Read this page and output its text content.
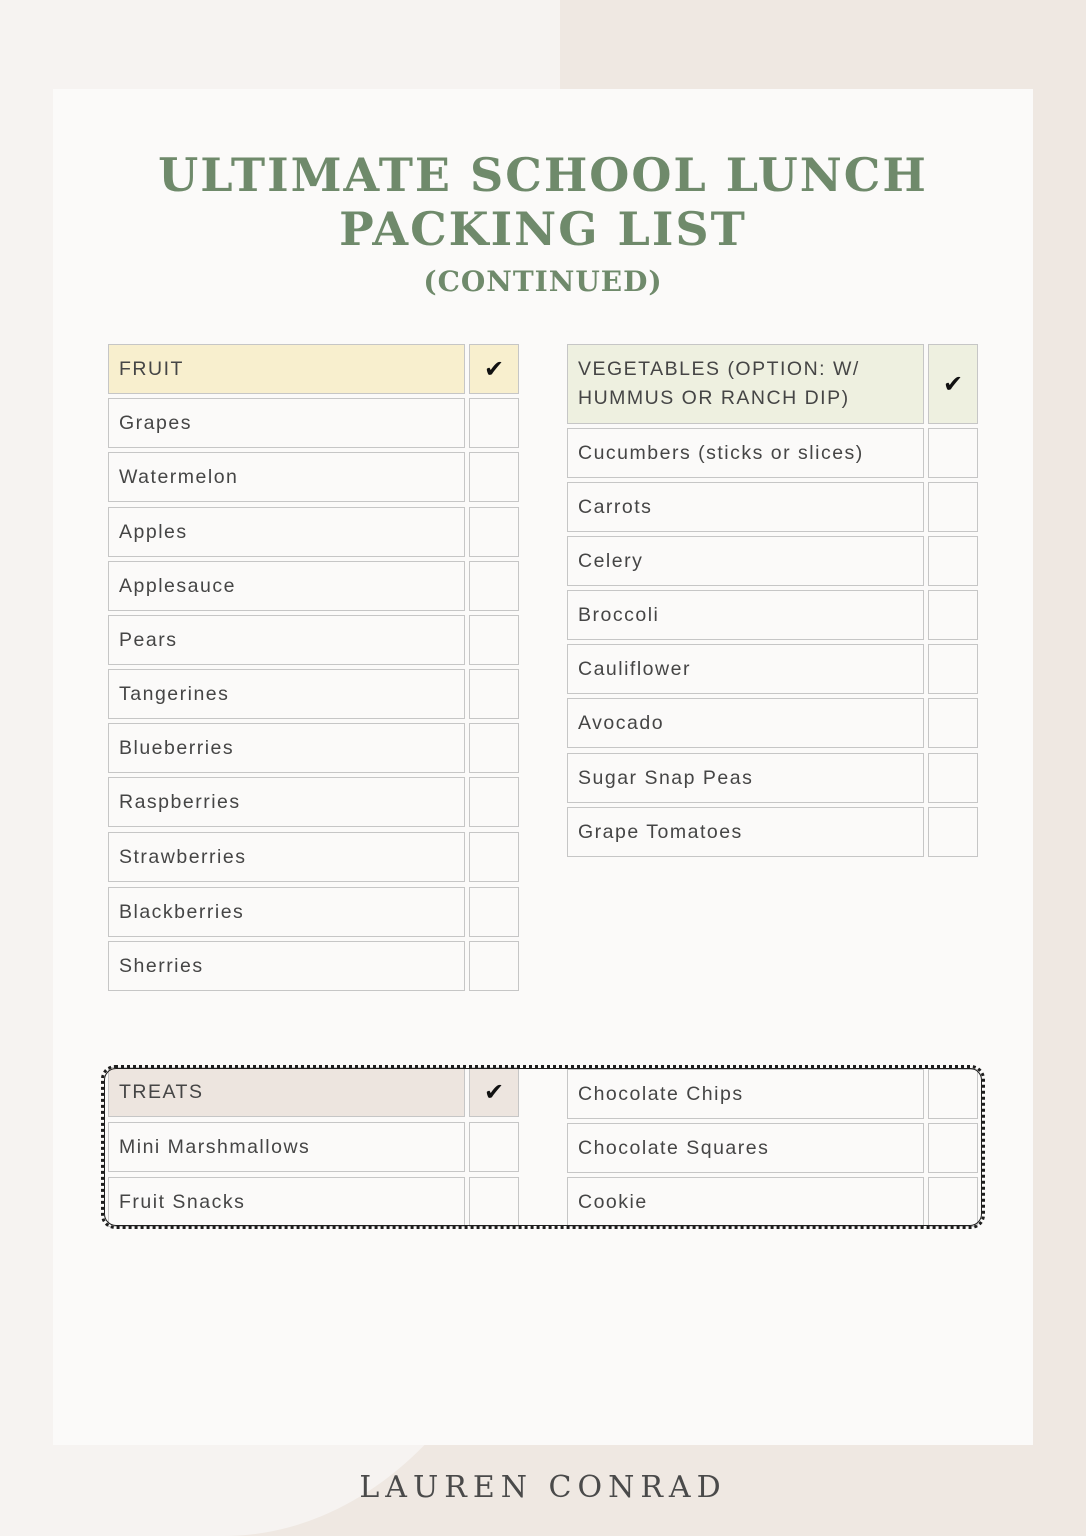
ULTIMATE SCHOOL LUNCH
PACKING LIST
(CONTINUED)
FRUIT	✔
Grapes
Watermelon
Apples
Applesauce
Pears
Tangerines
Blueberries
Raspberries
Strawberries
Blackberries
Sherries
VEGETABLES (OPTION: W/
HUMMUS OR RANCH DIP)
✔
Cucumbers (sticks or slices)
Carrots
Celery
Broccoli
Cauliflower
Avocado
Sugar Snap Peas
Grape Tomatoes
TREATS	✔
Mini Marshmallows
Fruit Snacks
Chocolate Chips
Chocolate Squares
Cookie
LAUREN CONRAD
